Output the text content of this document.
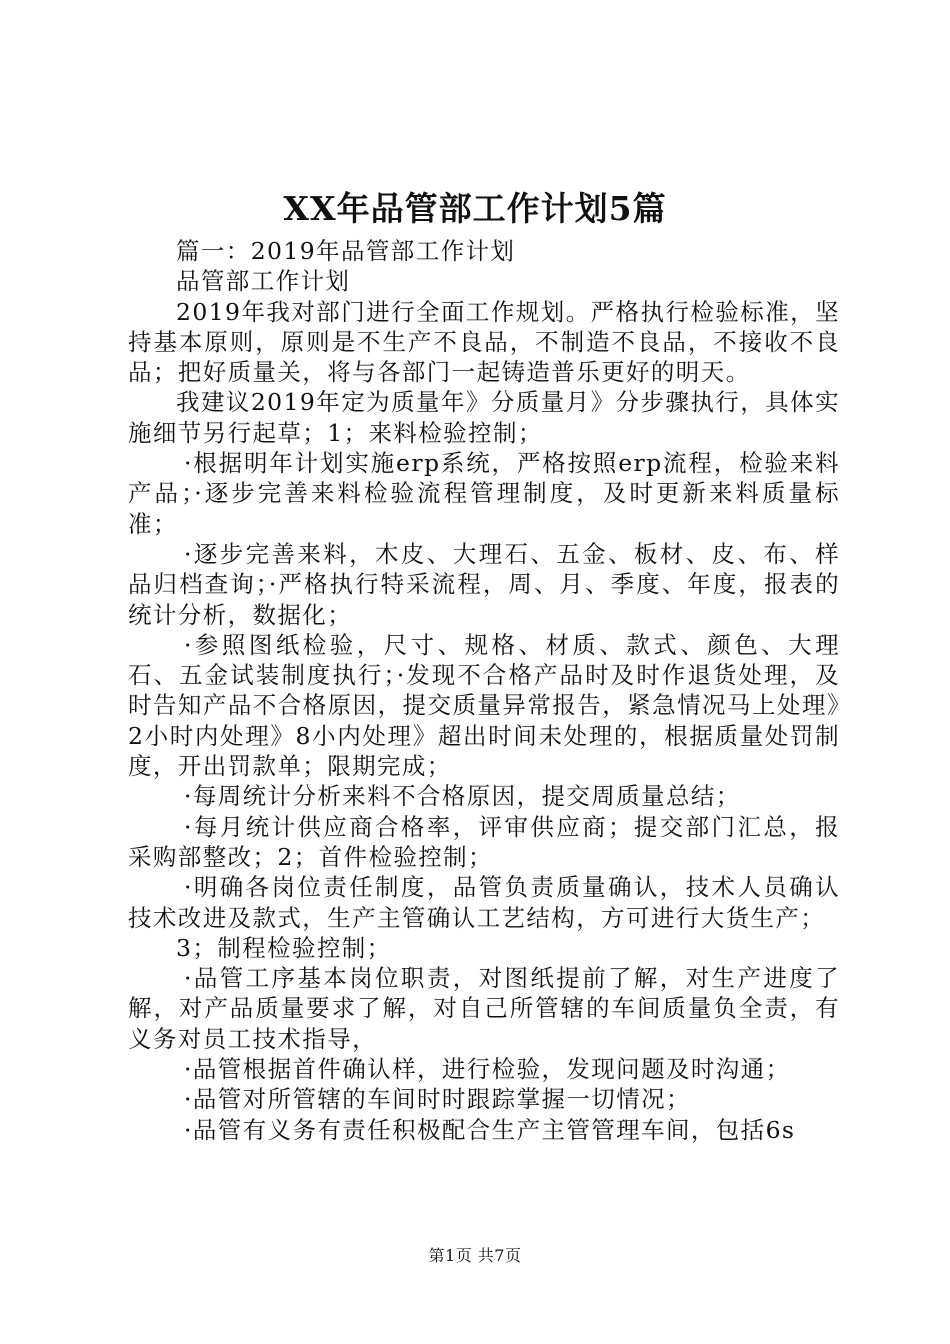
XX年品管部工作计划5篇

篇一：2019年品管部工作计划

品管部工作计划

2019年我对部门进行全面工作规划。严格执行检验标准，坚持基本原则，原则是不生产不良品，不制造不良品，不接收不良品；把好质量关，将与各部门一起铸造普乐更好的明天。

我建议2019年定为质量年》分质量月》分步骤执行，具体实施细节另行起草；1；来料检验控制；

·根据明年计划实施erp系统，严格按照erp流程，检验来料产品；·逐步完善来料检验流程管理制度，及时更新来料质量标准；

·逐步完善来料，木皮、大理石、五金、板材、皮、布、样品归档查询；·严格执行特采流程，周、月、季度、年度，报表的统计分析，数据化；

·参照图纸检验，尺寸、规格、材质、款式、颜色、大理石、五金试装制度执行；·发现不合格产品时及时作退货处理，及时告知产品不合格原因，提交质量异常报告，紧急情况马上处理》2小时内处理》8小内处理》超出时间未处理的，根据质量处罚制度，开出罚款单；限期完成；

·每周统计分析来料不合格原因，提交周质量总结；

·每月统计供应商合格率，评审供应商；提交部门汇总，报采购部整改；2；首件检验控制；

·明确各岗位责任制度，品管负责质量确认，技术人员确认技术改进及款式，生产主管确认工艺结构，方可进行大货生产；

3；制程检验控制；

·品管工序基本岗位职责，对图纸提前了解，对生产进度了解，对产品质量要求了解，对自己所管辖的车间质量负全责，有义务对员工技术指导，

·品管根据首件确认样，进行检验，发现问题及时沟通；

·品管对所管辖的车间时时跟踪掌握一切情况；

·品管有义务有责任积极配合生产主管管理车间，包括6s

第1页 共7页
